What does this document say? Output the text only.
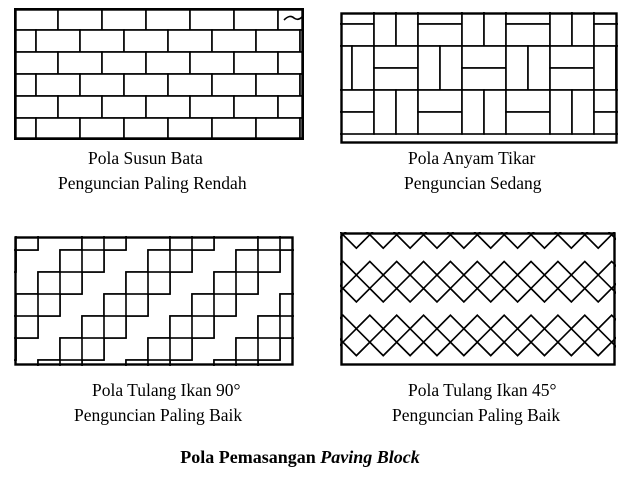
Pola Susun Bata
Penguncian Paling Rendah
Pola Anyam Tikar
Penguncian Sedang
Pola Tulang Ikan 90°
Penguncian Paling Baik
Pola Tulang Ikan 45°
Penguncian Paling Baik
Pola Pemasangan Paving Block
